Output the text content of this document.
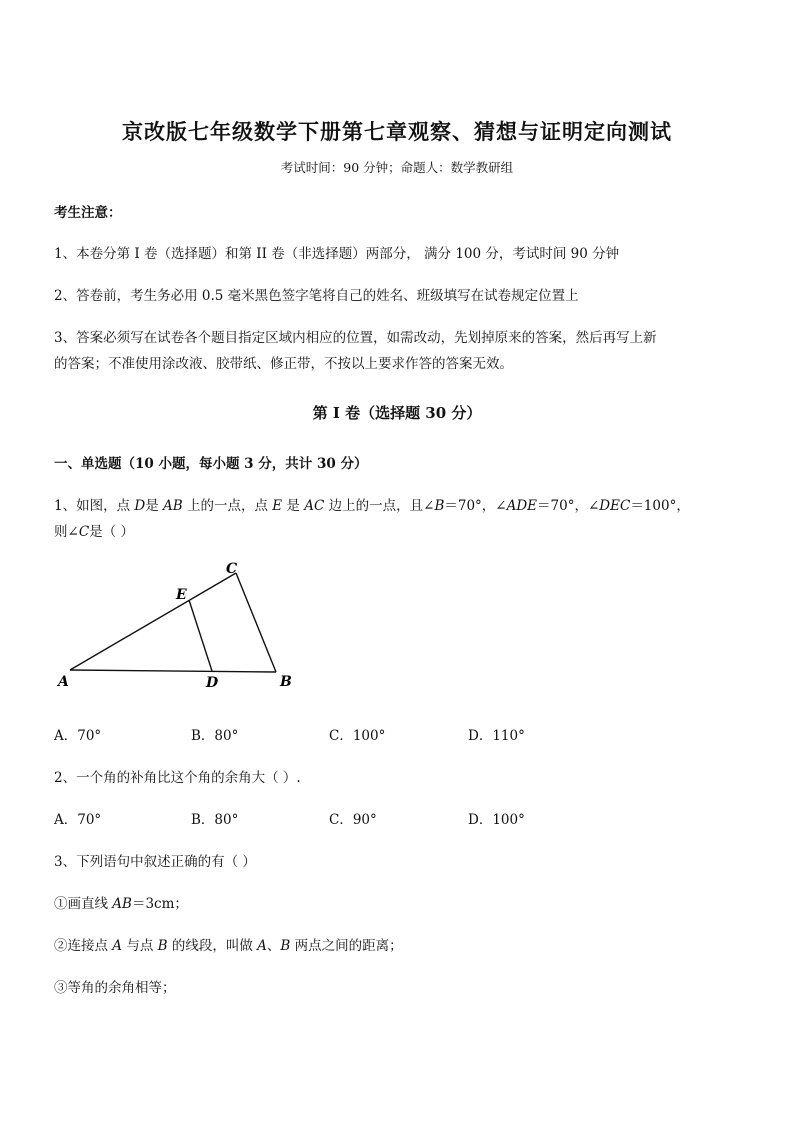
京改版七年级数学下册第七章观察、猜想与证明定向测试
考试时间：90 分钟；命题人：数学教研组
考生注意：
1、本卷分第 I 卷（选择题）和第 II 卷（非选择题）两部分， 满分 100 分，考试时间 90 分钟
2、答卷前，考生务必用 0.5 毫米黑色签字笔将自己的姓名、班级填写在试卷规定位置上
3、答案必须写在试卷各个题目指定区域内相应的位置，如需改动，先划掉原来的答案，然后再写上新
的答案；不准使用涂改液、胶带纸、修正带，不按以上要求作答的答案无效。
第 I 卷（选择题 30 分）
一、单选题（10 小题，每小题 3 分，共计 30 分）
1、如图，点 D是 AB 上的一点，点 E 是 AC 边上的一点，且∠B＝70°，∠ADE＝70°，∠DEC＝100°，
则∠C是（ ）
A	B
C
D
E
A．70°	B．80°	C．100°	D．110°
2、一个角的补角比这个角的余角大（ ）.
A．70°	B．80°	C．90°	D．100°
3、下列语句中叙述正确的有（ ）
①画直线 AB＝3cm；
②连接点 A 与点 B 的线段，叫做 A、B 两点之间的距离；
③等角的余角相等；
